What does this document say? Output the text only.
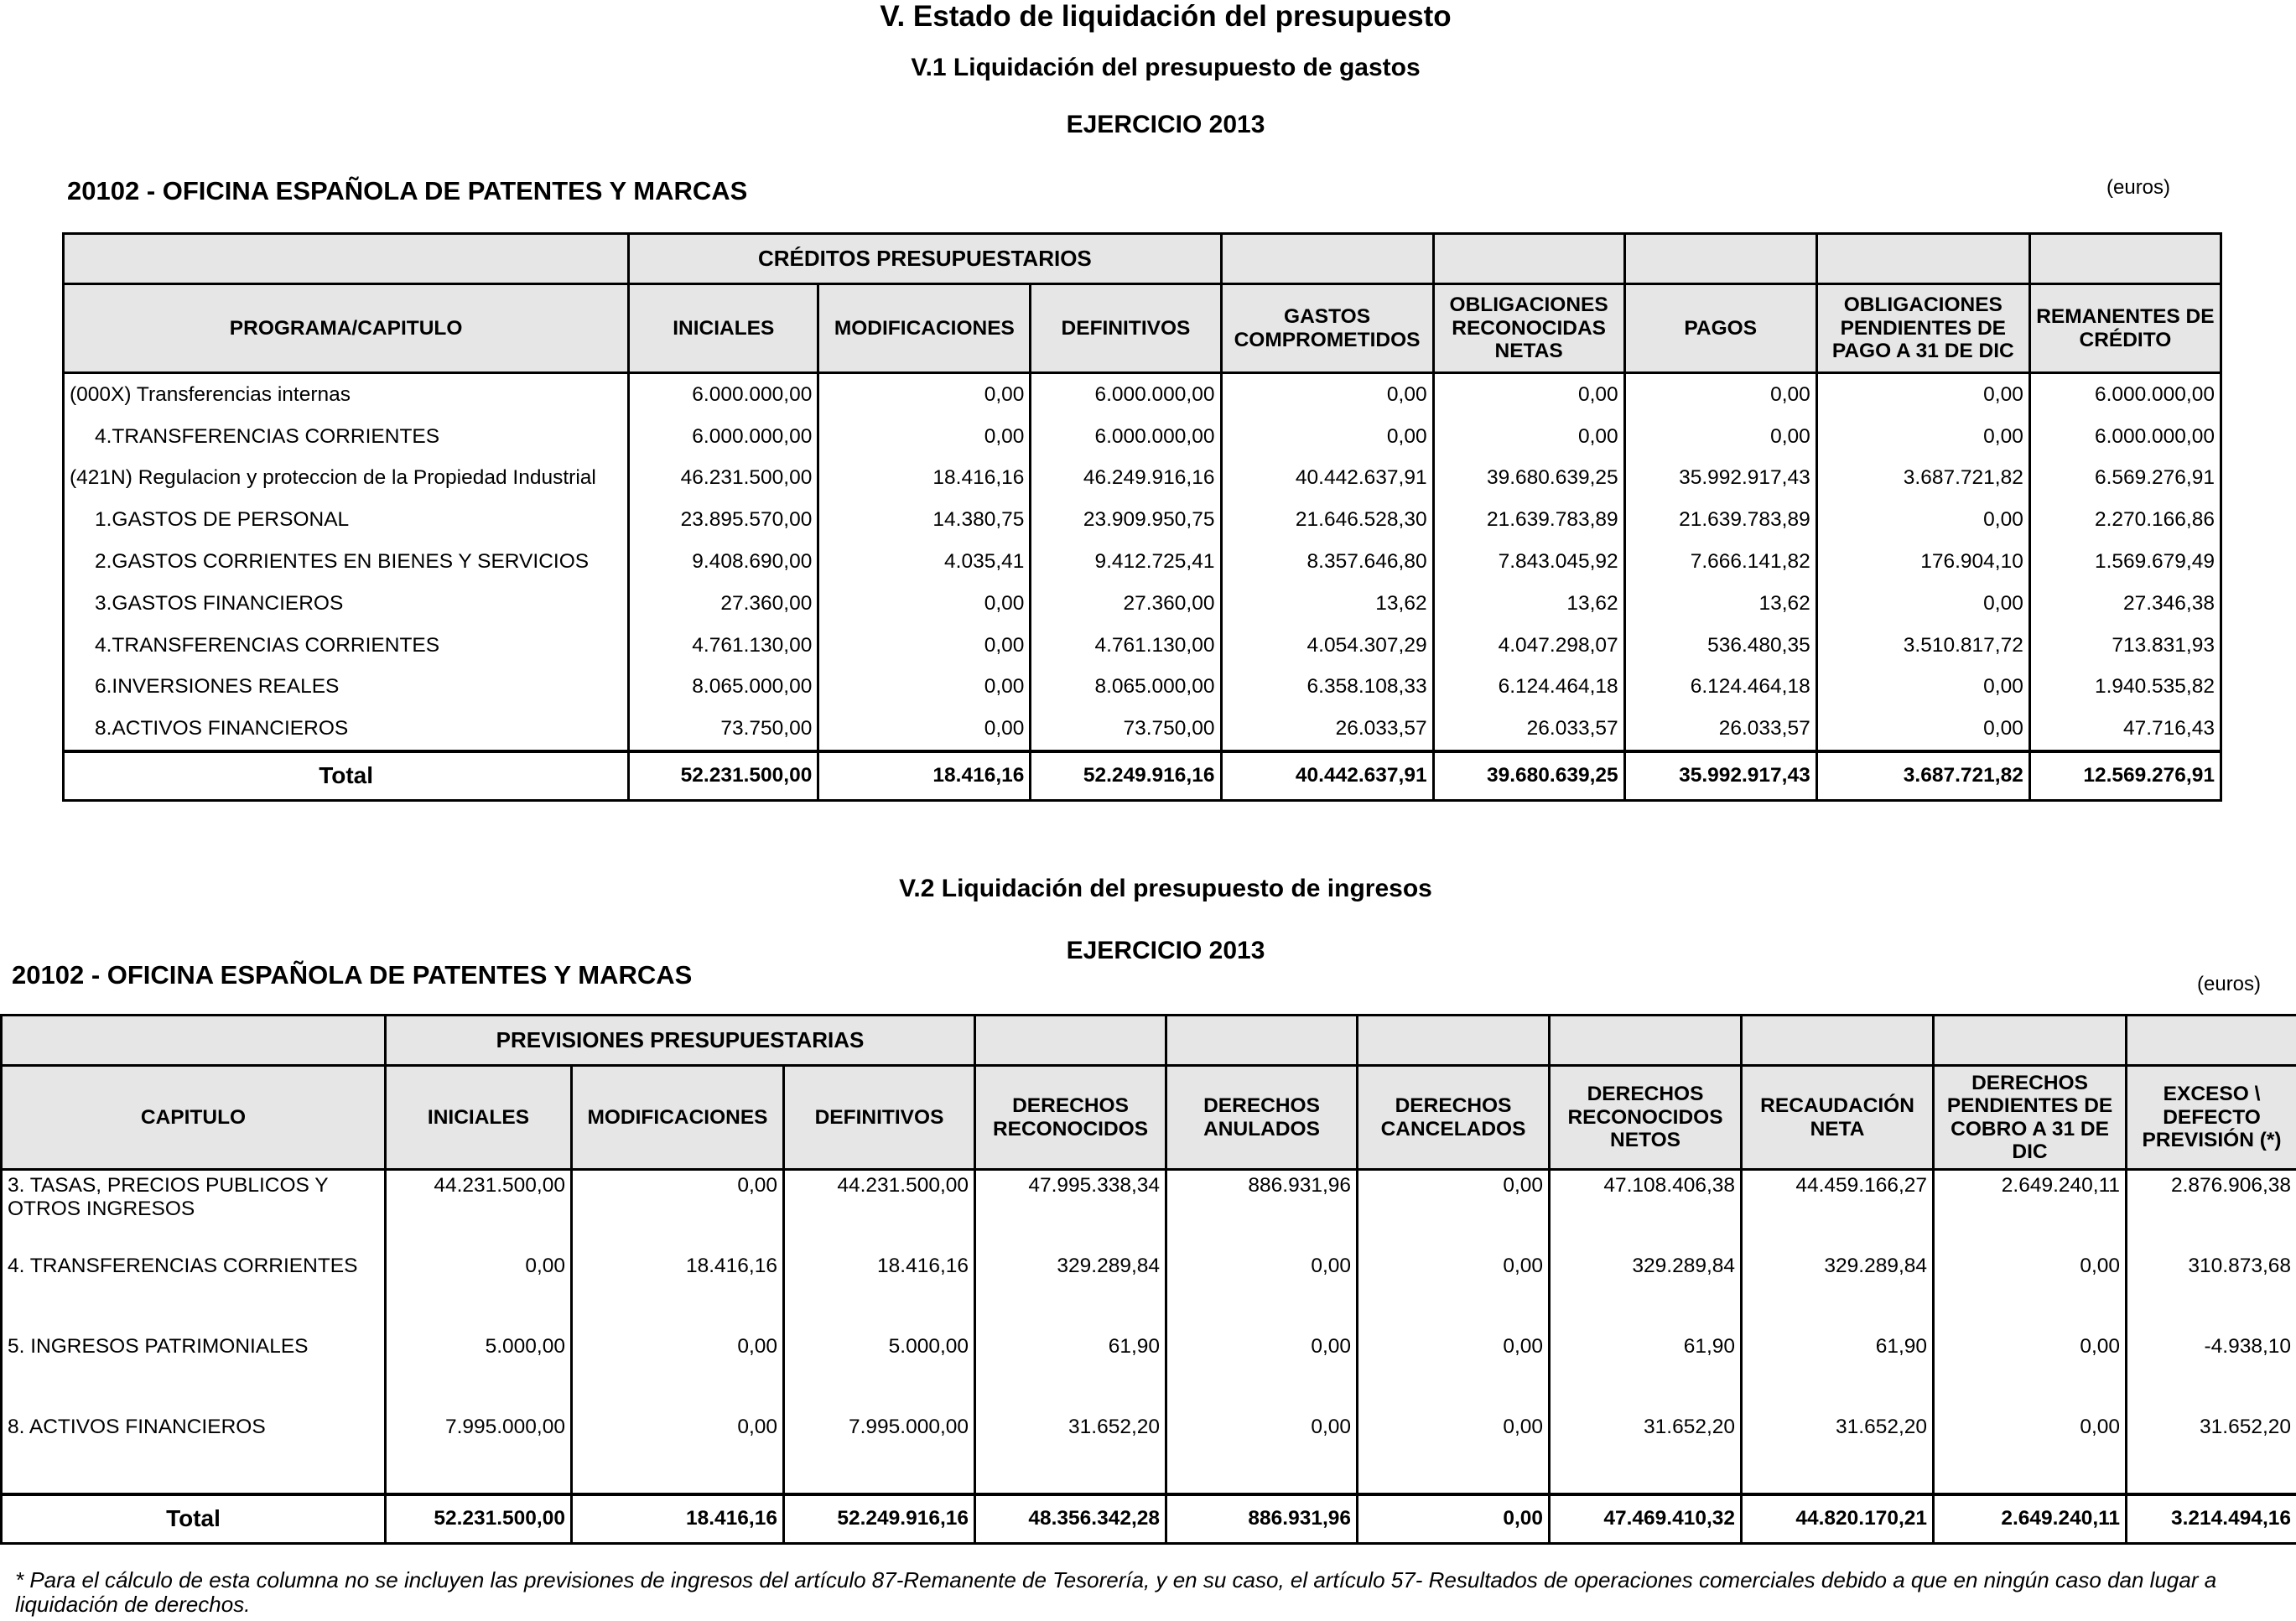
V. Estado de liquidación del presupuesto
V.1 Liquidación del presupuesto de gastos
EJERCICIO 2013
20102 - OFICINA ESPAÑOLA DE PATENTES Y MARCAS	(euros)
	CRÉDITOS PRESUPUESTARIOS							
PROGRAMA/CAPITULO	INICIALES	MODIFICACIONES	DEFINITIVOS	GASTOS COMPROMETIDOS	OBLIGACIONES RECONOCIDAS NETAS	PAGOS	OBLIGACIONES PENDIENTES DE PAGO A 31 DE DIC	REMANENTES DE CRÉDITO
(000X) Transferencias internas	6.000.000,00	0,00	6.000.000,00	0,00	0,00	0,00	0,00	6.000.000,00
4.TRANSFERENCIAS CORRIENTES	6.000.000,00	0,00	6.000.000,00	0,00	0,00	0,00	0,00	6.000.000,00
(421N) Regulacion y proteccion de la Propiedad Industrial	46.231.500,00	18.416,16	46.249.916,16	40.442.637,91	39.680.639,25	35.992.917,43	3.687.721,82	6.569.276,91
1.GASTOS DE PERSONAL	23.895.570,00	14.380,75	23.909.950,75	21.646.528,30	21.639.783,89	21.639.783,89	0,00	2.270.166,86
2.GASTOS CORRIENTES EN BIENES Y SERVICIOS	9.408.690,00	4.035,41	9.412.725,41	8.357.646,80	7.843.045,92	7.666.141,82	176.904,10	1.569.679,49
3.GASTOS FINANCIEROS	27.360,00	0,00	27.360,00	13,62	13,62	13,62	0,00	27.346,38
4.TRANSFERENCIAS CORRIENTES	4.761.130,00	0,00	4.761.130,00	4.054.307,29	4.047.298,07	536.480,35	3.510.817,72	713.831,93
6.INVERSIONES REALES	8.065.000,00	0,00	8.065.000,00	6.358.108,33	6.124.464,18	6.124.464,18	0,00	1.940.535,82
8.ACTIVOS FINANCIEROS	73.750,00	0,00	73.750,00	26.033,57	26.033,57	26.033,57	0,00	47.716,43
Total	52.231.500,00	18.416,16	52.249.916,16	40.442.637,91	39.680.639,25	35.992.917,43	3.687.721,82	12.569.276,91
V.2 Liquidación del presupuesto de ingresos
EJERCICIO 2013
20102 - OFICINA ESPAÑOLA DE PATENTES Y MARCAS	(euros)
	PREVISIONES PRESUPUESTARIAS									
CAPITULO	INICIALES	MODIFICACIONES	DEFINITIVOS	DERECHOS RECONOCIDOS	DERECHOS ANULADOS	DERECHOS CANCELADOS	DERECHOS RECONOCIDOS NETOS	RECAUDACIÓN NETA	DERECHOS PENDIENTES DE COBRO A 31 DE DIC	EXCESO \ DEFECTO PREVISIÓN (*)
3. TASAS, PRECIOS PUBLICOS Y OTROS INGRESOS	44.231.500,00	0,00	44.231.500,00	47.995.338,34	886.931,96	0,00	47.108.406,38	44.459.166,27	2.649.240,11	2.876.906,38
4. TRANSFERENCIAS CORRIENTES	0,00	18.416,16	18.416,16	329.289,84	0,00	0,00	329.289,84	329.289,84	0,00	310.873,68
5. INGRESOS PATRIMONIALES	5.000,00	0,00	5.000,00	61,90	0,00	0,00	61,90	61,90	0,00	-4.938,10
8. ACTIVOS FINANCIEROS	7.995.000,00	0,00	7.995.000,00	31.652,20	0,00	0,00	31.652,20	31.652,20	0,00	31.652,20
Total	52.231.500,00	18.416,16	52.249.916,16	48.356.342,28	886.931,96	0,00	47.469.410,32	44.820.170,21	2.649.240,11	3.214.494,16
* Para el cálculo de esta columna no se incluyen las previsiones de ingresos del artículo 87-Remanente de Tesorería, y en su caso, el artículo 57- Resultados de operaciones comerciales debido a que en ningún caso dan lugar a liquidación de derechos.
